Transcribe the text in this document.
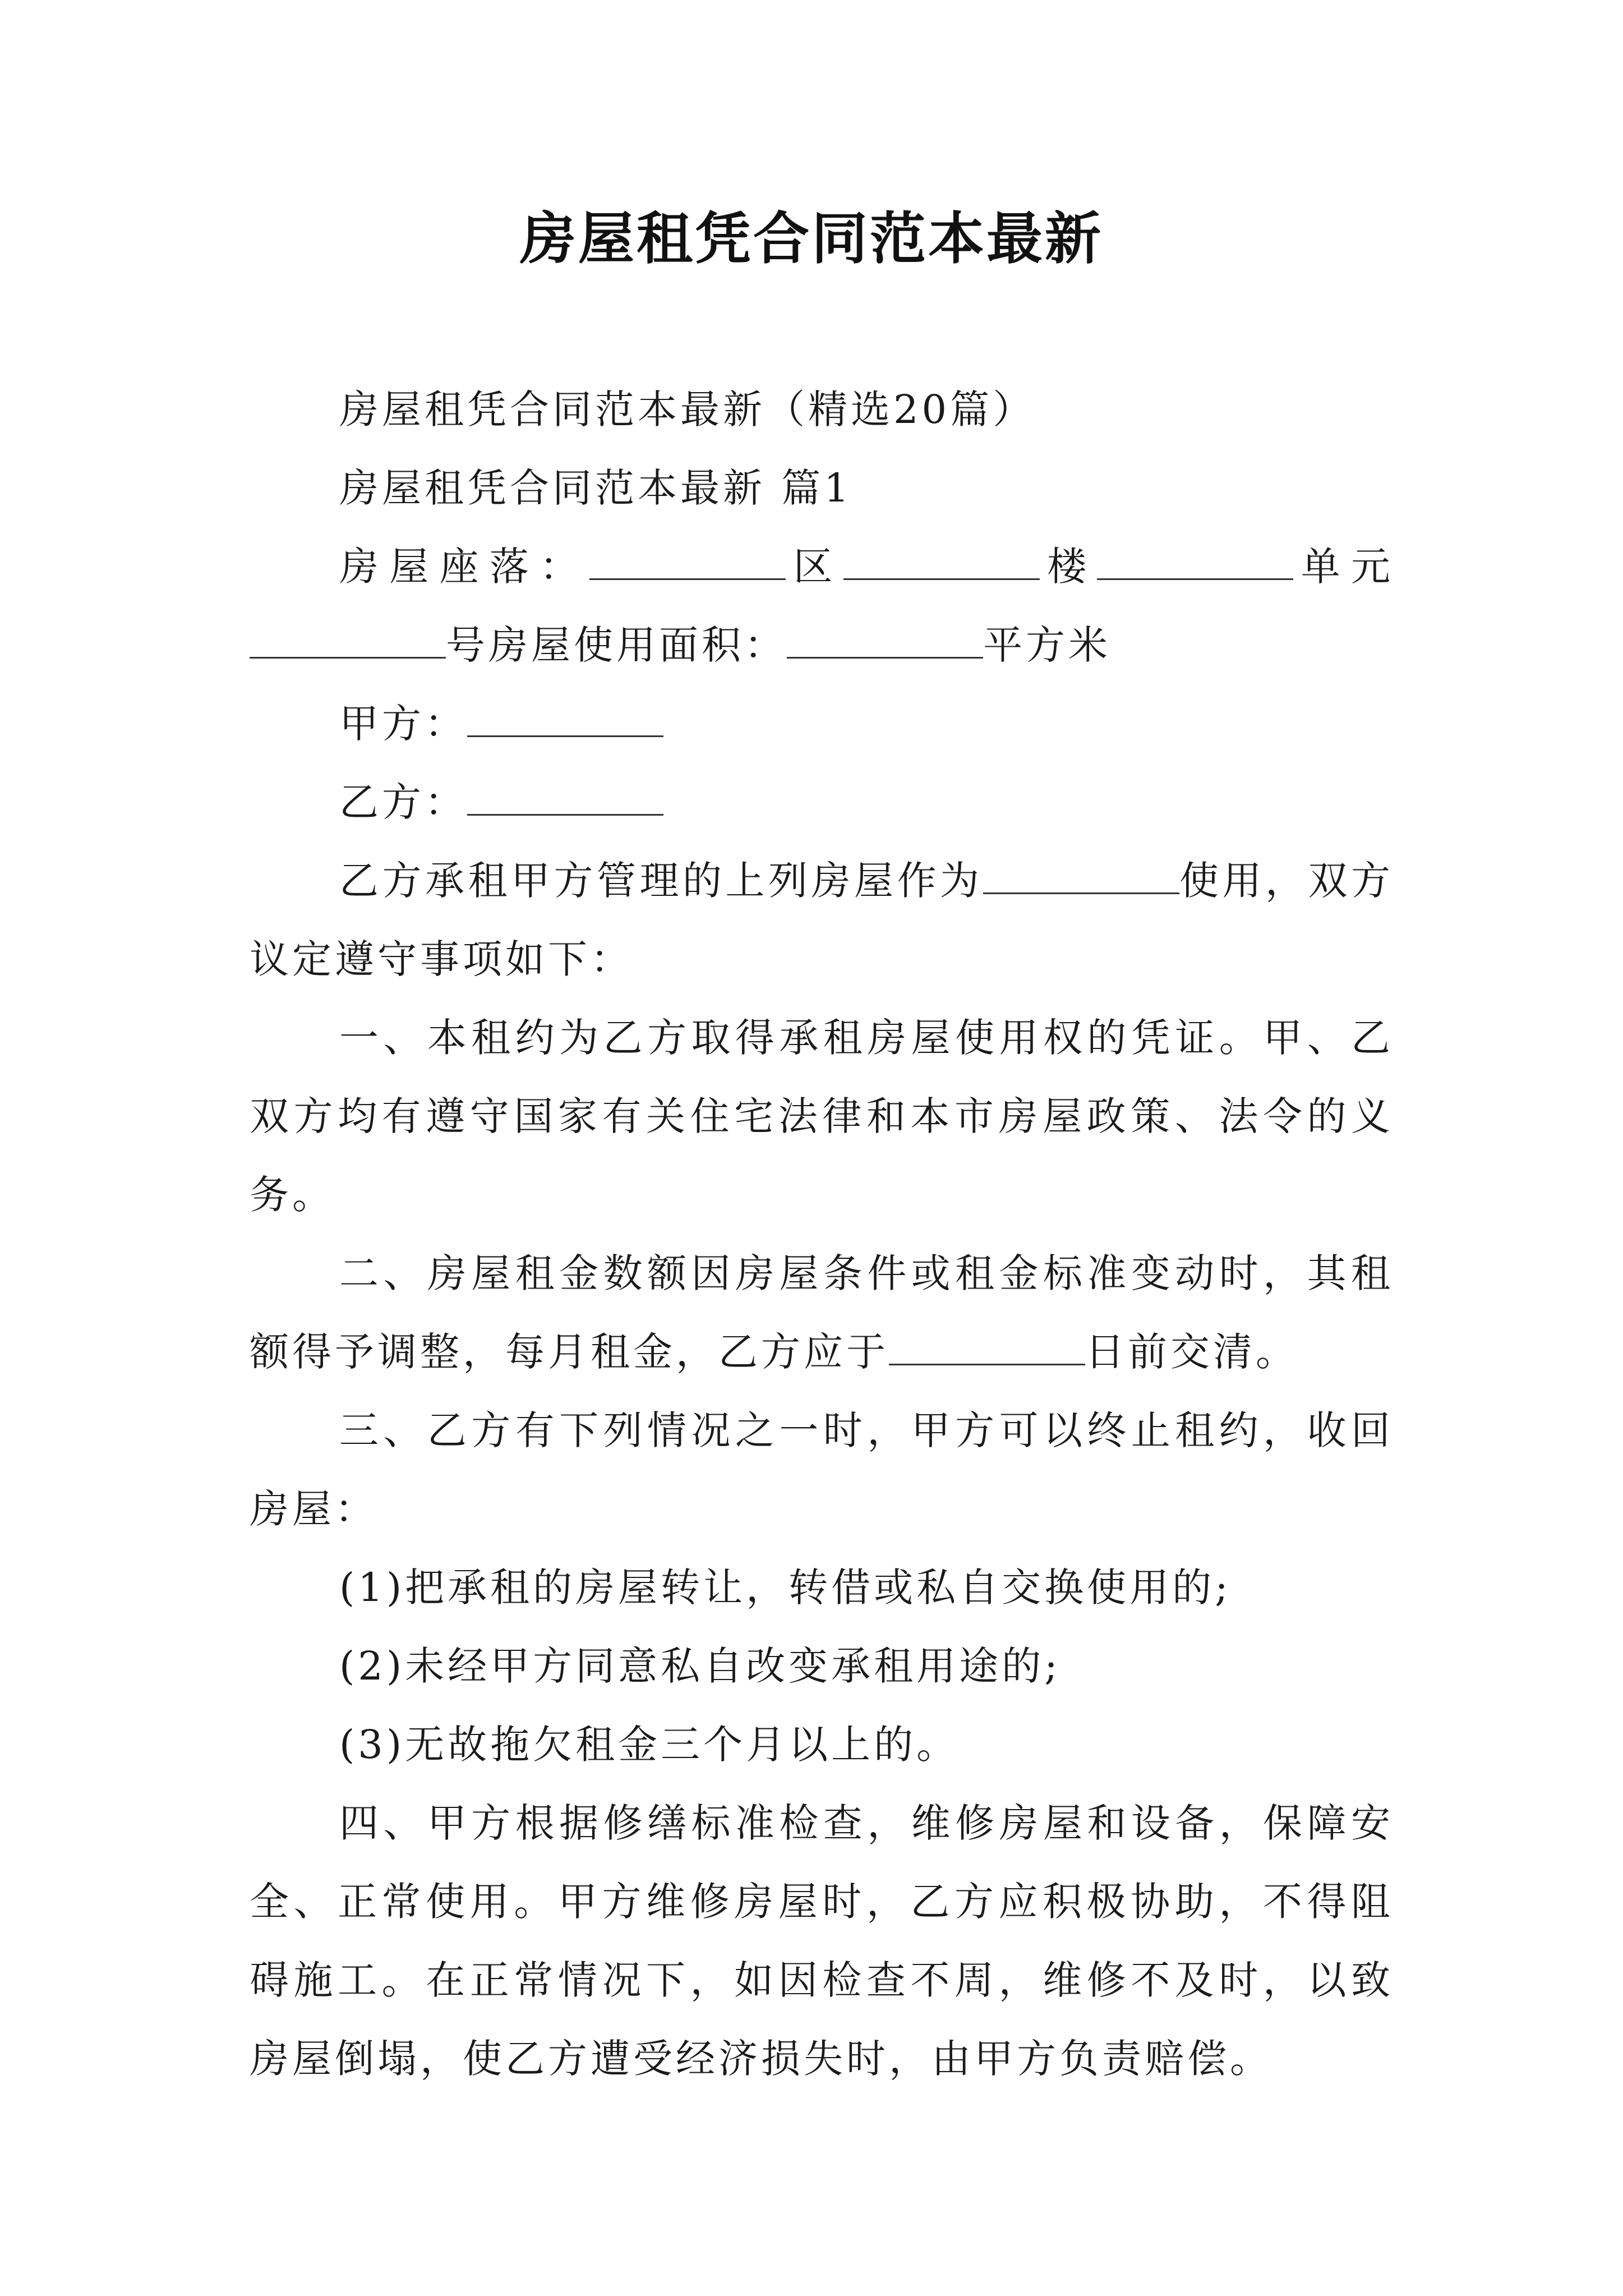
房屋租凭合同范本最新

房屋租凭合同范本最新（精选20篇）

房屋租凭合同范本最新 篇1

房屋座落：	区	楼	单元号房屋使用面积：	平方米

甲方：

乙方：

乙方承租甲方管理的上列房屋作为	使用，双方议定遵守事项如下：

一、本租约为乙方取得承租房屋使用权的凭证。甲、乙双方均有遵守国家有关住宅法律和本市房屋政策、法令的义务。

二、房屋租金数额因房屋条件或租金标准变动时，其租额得予调整，每月租金，乙方应于	日前交清。

三、乙方有下列情况之一时，甲方可以终止租约，收回房屋：

(1)把承租的房屋转让，转借或私自交换使用的;

(2)未经甲方同意私自改变承租用途的;

(3)无故拖欠租金三个月以上的。

四、甲方根据修缮标准检查，维修房屋和设备，保障安全、正常使用。甲方维修房屋时，乙方应积极协助，不得阻碍施工。在正常情况下，如因检查不周，维修不及时，以致房屋倒塌，使乙方遭受经济损失时，由甲方负责赔偿。
